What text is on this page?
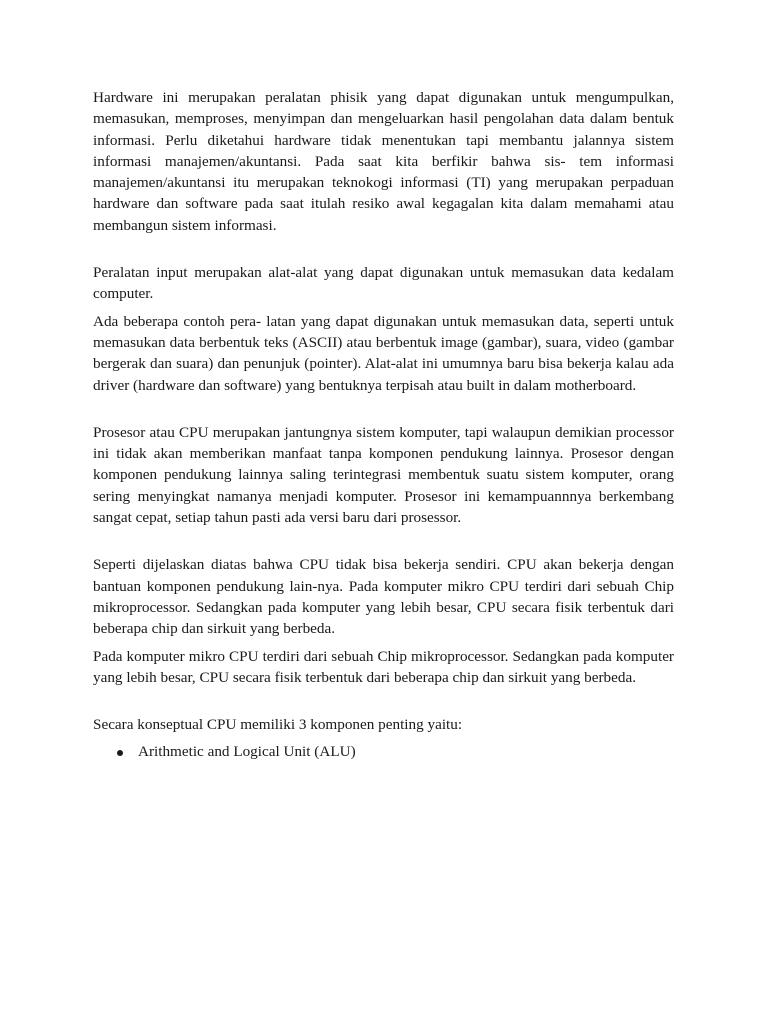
Hardware ini merupakan peralatan phisik yang dapat digunakan untuk mengumpulkan, memasukan, memproses, menyimpan dan mengeluarkan hasil pengolahan data dalam bentuk informasi. Perlu diketahui hardware tidak menentukan tapi membantu jalannya sistem informasi manajemen/akuntansi. Pada saat kita berfikir bahwa sis- tem informasi manajemen/akuntansi itu merupakan teknokogi informasi (TI) yang merupakan perpaduan hardware dan software pada saat itulah resiko awal kegagalan kita dalam memahami atau membangun sistem informasi.

Peralatan input merupakan alat-alat yang dapat digunakan untuk memasukan data kedalam computer.

Ada beberapa contoh pera- latan yang dapat digunakan untuk memasukan data, seperti untuk memasukan data berbentuk teks (ASCII) atau berbentuk image (gambar), suara, video (gambar bergerak dan suara) dan penunjuk (pointer). Alat-alat ini umumnya baru bisa bekerja kalau ada driver (hardware dan software) yang bentuknya terpisah atau built in dalam motherboard.

Prosesor atau CPU merupakan jantungnya sistem komputer, tapi walaupun demikian processor ini tidak akan memberikan manfaat tanpa komponen pendukung lainnya. Prosesor dengan komponen pendukung lainnya saling terintegrasi membentuk suatu sistem komputer, orang sering menyingkat namanya menjadi komputer. Prosesor ini kemampuannnya berkembang sangat cepat, setiap tahun pasti ada versi baru dari prosessor.

Seperti dijelaskan diatas bahwa CPU tidak bisa bekerja sendiri. CPU akan bekerja dengan bantuan komponen pendukung lain-nya. Pada komputer mikro CPU terdiri dari sebuah Chip mikroprocessor. Sedangkan pada komputer yang lebih besar, CPU secara fisik terbentuk dari beberapa chip dan sirkuit yang berbeda.

Pada komputer mikro CPU terdiri dari sebuah Chip mikroprocessor. Sedangkan pada komputer yang lebih besar, CPU secara fisik terbentuk dari beberapa chip dan sirkuit yang berbeda.

Secara konseptual CPU memiliki 3 komponen penting yaitu:

Arithmetic and Logical Unit (ALU)
